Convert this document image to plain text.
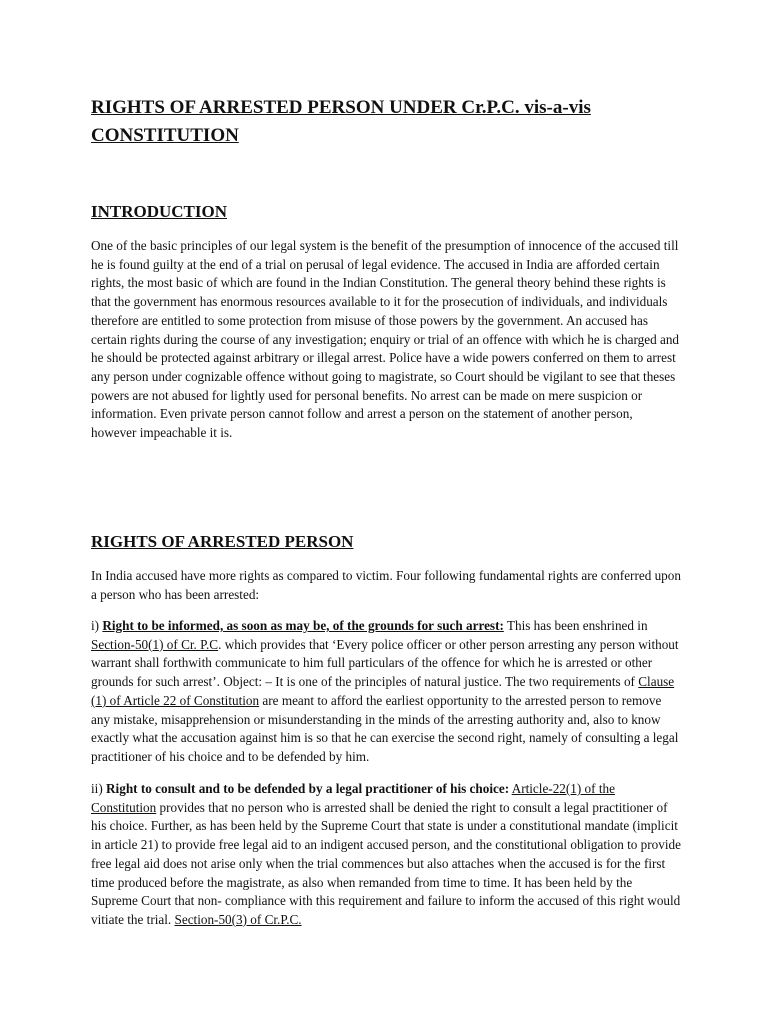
RIGHTS OF ARRESTED PERSON UNDER Cr.P.C. vis-a-vis CONSTITUTION
INTRODUCTION

One of the basic principles of our legal system is the benefit of the presumption of innocence of the accused till he is found guilty at the end of a trial on perusal of legal evidence. The accused in India are afforded certain rights, the most basic of which are found in the Indian Constitution. The general theory behind these rights is that the government has enormous resources available to it for the prosecution of individuals, and individuals therefore are entitled to some protection from misuse of those powers by the government. An accused has certain rights during the course of any investigation; enquiry or trial of an offence with which he is charged and he should be protected against arbitrary or illegal arrest. Police have a wide powers conferred on them to arrest any person under cognizable offence without going to magistrate, so Court should be vigilant to see that theses powers are not abused for lightly used for personal benefits. No arrest can be made on mere suspicion or information. Even private person cannot follow and arrest a person on the statement of another person, however impeachable it is.

RIGHTS OF ARRESTED PERSON

In India accused have more rights as compared to victim. Four following fundamental rights are conferred upon a person who has been arrested:

i) Right to be informed, as soon as may be, of the grounds for such arrest: This has been enshrined in Section-50(1) of Cr. P.C. which provides that ‘Every police officer or other person arresting any person without warrant shall forthwith communicate to him full particulars of the offence for which he is arrested or other grounds for such arrest’. Object: – It is one of the principles of natural justice. The two requirements of Clause (1) of Article 22 of Constitution are meant to afford the earliest opportunity to the arrested person to remove any mistake, misapprehension or misunderstanding in the minds of the arresting authority and, also to know exactly what the accusation against him is so that he can exercise the second right, namely of consulting a legal practitioner of his choice and to be defended by him.

ii) Right to consult and to be defended by a legal practitioner of his choice: Article-22(1) of the Constitution provides that no person who is arrested shall be denied the right to consult a legal practitioner of his choice. Further, as has been held by the Supreme Court that state is under a constitutional mandate (implicit in article 21) to provide free legal aid to an indigent accused person, and the constitutional obligation to provide free legal aid does not arise only when the trial commences but also attaches when the accused is for the first time produced before the magistrate, as also when remanded from time to time. It has been held by the Supreme Court that non- compliance with this requirement and failure to inform the accused of this right would vitiate the trial. Section-50(3) of Cr.P.C.
